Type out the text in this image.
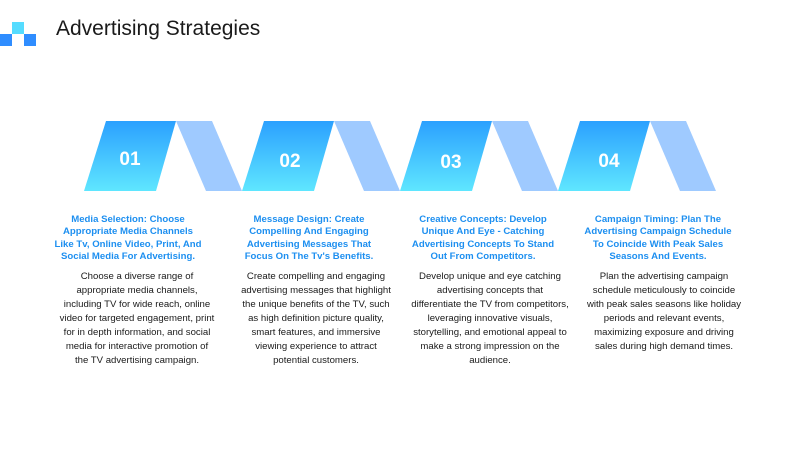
Advertising Strategies
01	02	03	04
Media Selection: Choose Appropriate Media Channels Like Tv, Online Video, Print, And Social Media For Advertising.
Choose a diverse range of appropriate media channels, including TV for wide reach, online video for targeted engagement, print for in depth information, and social media for interactive promotion of the TV advertising campaign.
Message Design: Create Compelling And Engaging Advertising Messages That Focus On The Tv's Benefits.
Create compelling and engaging advertising messages that highlight the unique benefits of the TV, such as high definition picture quality, smart features, and immersive viewing experience to attract potential customers.
Creative Concepts: Develop Unique And Eye - Catching Advertising Concepts To Stand Out From Competitors.
Develop unique and eye catching advertising concepts that differentiate the TV from competitors, leveraging innovative visuals, storytelling, and emotional appeal to make a strong impression on the audience.
Campaign Timing: Plan The Advertising Campaign Schedule To Coincide With Peak Sales Seasons And Events.
Plan the advertising campaign schedule meticulously to coincide with peak sales seasons like holiday periods and relevant events, maximizing exposure and driving sales during high demand times.
